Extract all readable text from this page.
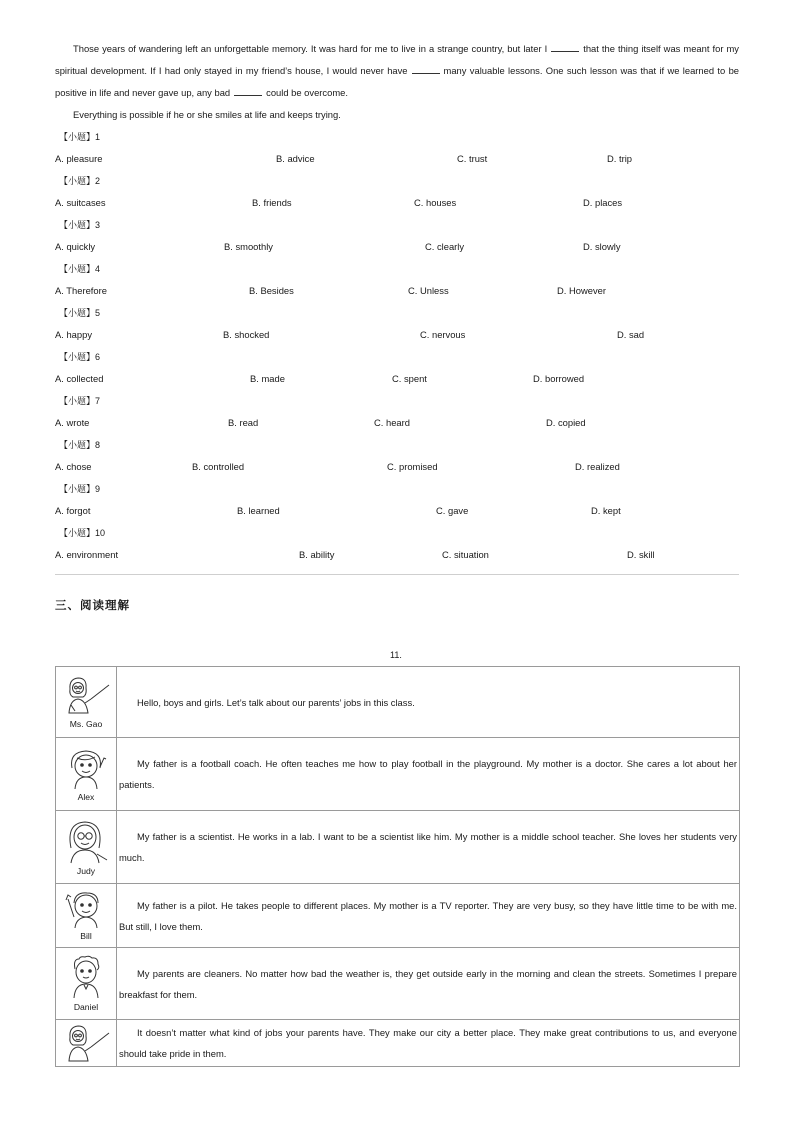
Those years of wandering left an unforgettable memory. It was hard for me to live in a strange country, but later I	that the thing itself was meant for my spiritual development. If I had only stayed in my friend’s house, I would never have	many valuable lessons. One such lesson was that if we learned to be positive in life and never gave up, any bad	could be overcome.

Everything is possible if he or she smiles at life and keeps trying.

【小题】1
A. pleasure	B. advice	C. trust	D. trip
【小题】2
A. suitcases	B. friends	C. houses	D. places
【小题】3
A. quickly	B. smoothly	C. clearly	D. slowly
【小题】4
A. Therefore	B. Besides	C. Unless	D. However
【小题】5
A. happy	B. shocked	C. nervous	D. sad
【小题】6
A. collected	B. made	C. spent	D. borrowed
【小题】7
A. wrote	B. read	C. heard	D. copied
【小题】8
A. chose	B. controlled	C. promised	D. realized
【小题】9
A. forgot	B. learned	C. gave	D. kept
【小题】10
A. environment	B. ability	C. situation	D. skill
三、阅读理解
11.
Ms. Gao	Hello, boys and girls. Let’s talk about our parents’ jobs in this class.

Alex	My father is a football coach. He often teaches me how to play football in the playground. My mother is a doctor. She cares a lot about her patients.

Judy	My father is a scientist. He works in a lab. I want to be a scientist like him. My mother is a middle school teacher. She loves her students very much.

Bill	My father is a pilot. He takes people to different places. My mother is a TV reporter. They are very busy, so they have little time to be with me. But still, I love them.

Daniel	My parents are cleaners. No matter how bad the weather is, they get outside early in the morning and clean the streets. Sometimes I prepare breakfast for them.

It doesn’t matter what kind of jobs your parents have. They make our city a better place. They make great contributions to us, and everyone should take pride in them.
